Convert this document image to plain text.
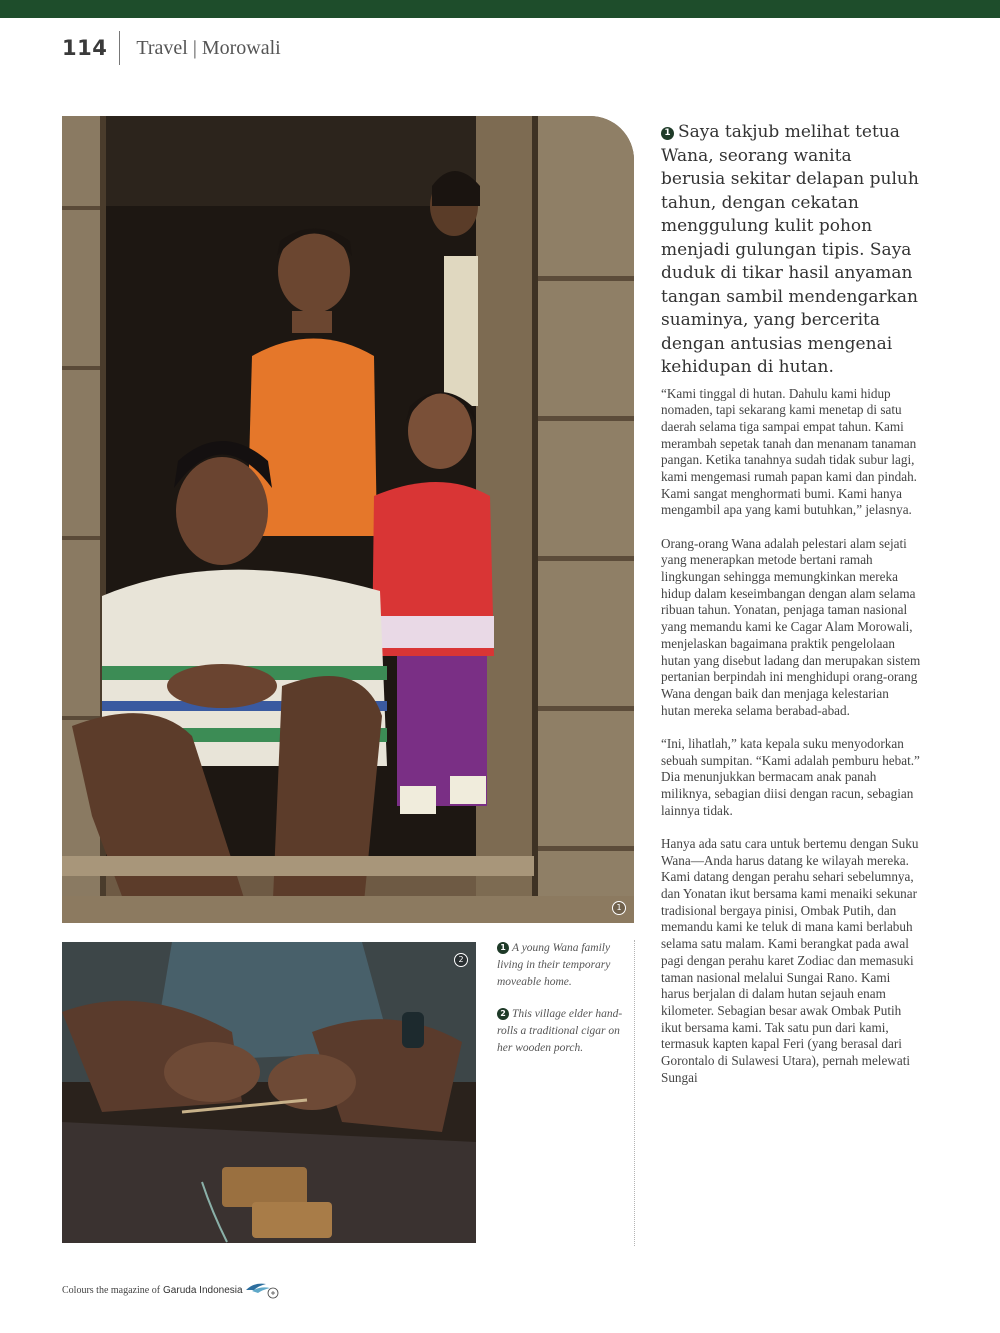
114 Travel | Morowali
1
2

1 A young Wana family living in their temporary moveable home.

2 This village elder hand-rolls a traditional cigar on her wooden porch.

1 Saya takjub melihat tetua Wana, seorang wanita berusia sekitar delapan puluh tahun, dengan cekatan menggulung kulit pohon menjadi gulungan tipis. Saya duduk di tikar hasil anyaman tangan sambil mendengarkan suaminya, yang bercerita dengan antusias mengenai kehidupan di hutan.

“Kami tinggal di hutan. Dahulu kami hidup nomaden, tapi sekarang kami menetap di satu daerah selama tiga sampai empat tahun. Kami merambah sepetak tanah dan menanam tanaman pangan. Ketika tanahnya sudah tidak subur lagi, kami mengemasi rumah papan kami dan pindah. Kami sangat menghormati bumi. Kami hanya mengambil apa yang kami butuhkan,” jelasnya.

Orang-orang Wana adalah pelestari alam sejati yang menerapkan metode bertani ramah lingkungan sehingga memungkinkan mereka hidup dalam keseimbangan dengan alam selama ribuan tahun. Yonatan, penjaga taman nasional yang memandu kami ke Cagar Alam Morowali, menjelaskan bagaimana praktik pengelolaan hutan yang disebut ladang dan merupakan sistem pertanian berpindah ini menghidupi orang-orang Wana dengan baik dan menjaga kelestarian hutan mereka selama berabad-abad.

“Ini, lihatlah,” kata kepala suku menyodorkan sebuah sumpitan. “Kami adalah pemburu hebat.” Dia menunjukkan bermacam anak panah miliknya, sebagian diisi dengan racun, sebagian lainnya tidak.

Hanya ada satu cara untuk bertemu dengan Suku Wana—Anda harus datang ke wilayah mereka. Kami datang dengan perahu sehari sebelumnya, dan Yonatan ikut bersama kami menaiki sekunar tradisional bergaya pinisi, Ombak Putih, dan memandu kami ke teluk di mana kami berlabuh selama satu malam. Kami berangkat pada awal pagi dengan perahu karet Zodiac dan memasuki taman nasional melalui Sungai Rano. Kami harus berjalan di dalam hutan sejauh enam kilometer. Sebagian besar awak Ombak Putih ikut bersama kami. Tak satu pun dari kami, termasuk kapten kapal Feri (yang berasal dari Gorontalo di Sulawesi Utara), pernah melewati Sungai

Colours the magazine of Garuda Indonesia
